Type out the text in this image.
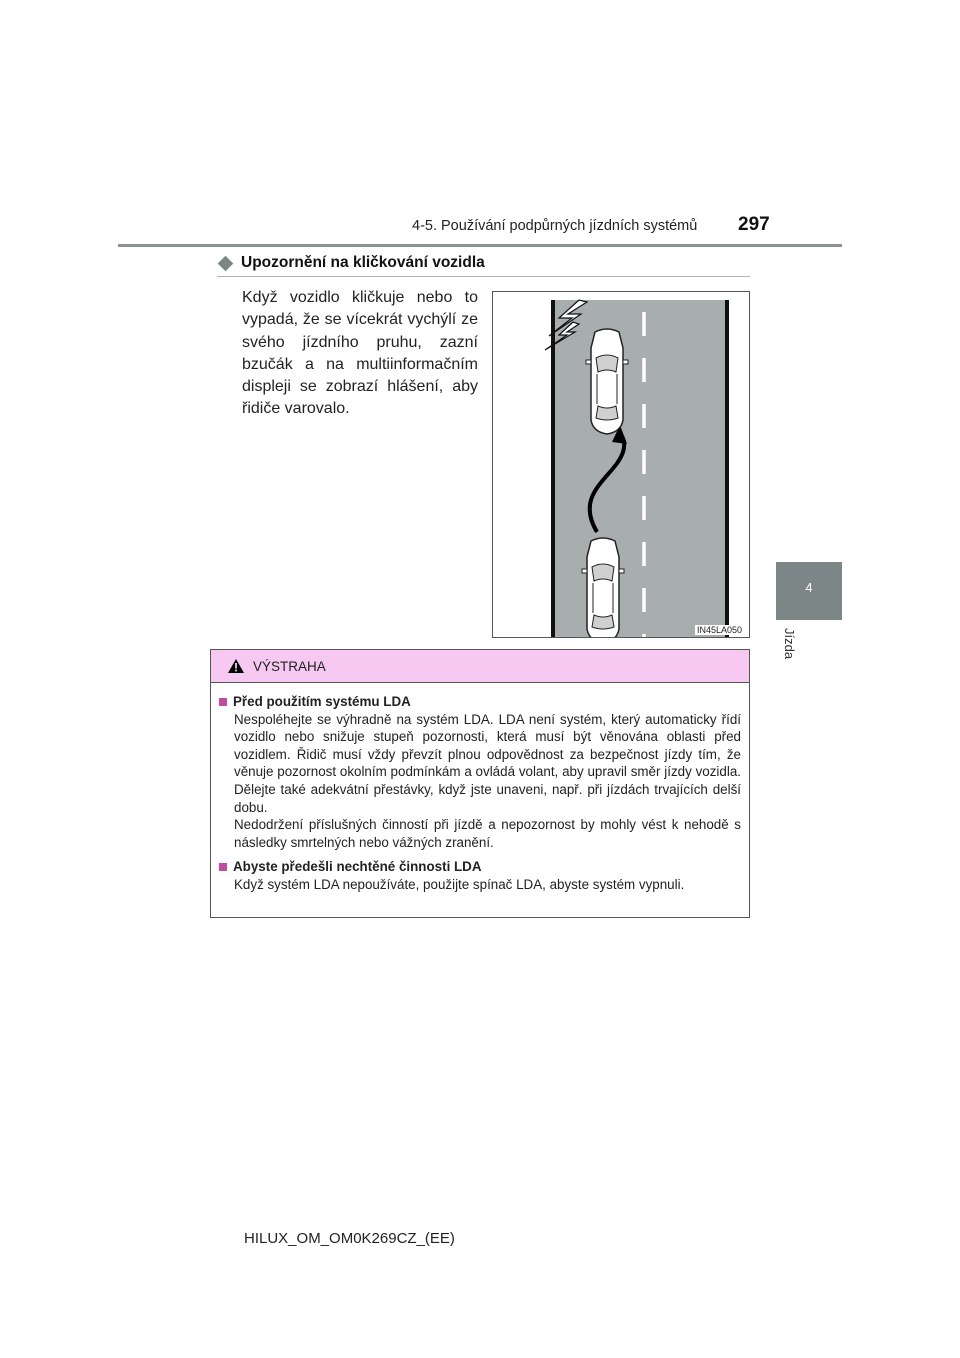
4-5. Používání podpůrných jízdních systémů 297
4
Jízda
Upozornění na kličkování vozidla
Když vozidlo kličkuje nebo to vypadá, že se vícekrát vychýlí ze svého jízdního pruhu, zazní bzučák a na multiinformačním displeji se zobrazí hlášení, aby řidiče varovalo.
IN45LA050
VÝSTRAHA
Před použitím systému LDA
Nespoléhejte se výhradně na systém LDA. LDA není systém, který automaticky řídí vozidlo nebo snižuje stupeň pozornosti, která musí být věnována oblasti před vozidlem. Řidič musí vždy převzít plnou odpovědnost za bezpečnost jízdy tím, že věnuje pozornost okolním podmínkám a ovládá volant, aby upravil směr jízdy vozidla. Dělejte také adekvátní přestávky, když jste unaveni, např. při jízdách trvajících delší dobu.
Nedodržení příslušných činností při jízdě a nepozornost by mohly vést k nehodě s následky smrtelných nebo vážných zranění.
Abyste předešli nechtěné činnosti LDA
Když systém LDA nepoužíváte, použijte spínač LDA, abyste systém vypnuli.
HILUX_OM_OM0K269CZ_(EE)
